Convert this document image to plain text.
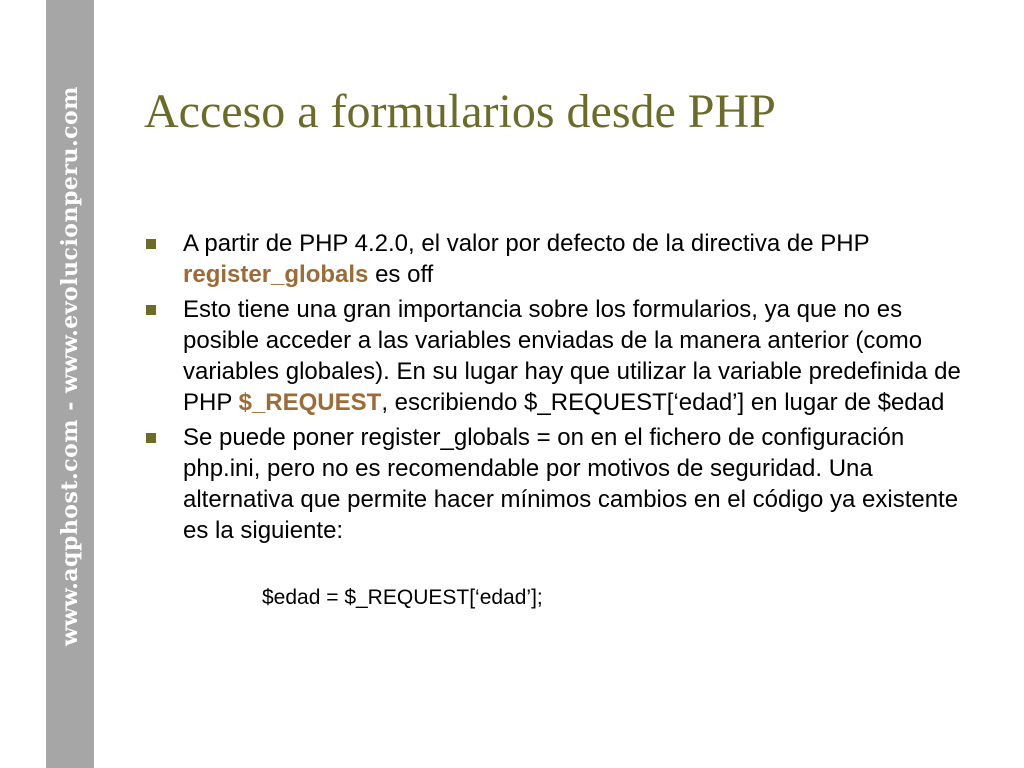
www.aqphost.com - www.evolucionperu.com Acceso a formularios desde PHP
A partir de PHP 4.2.0, el valor por defecto de la directiva de PHP register_globals es off
Esto tiene una gran importancia sobre los formularios, ya que no es posible acceder a las variables enviadas de la manera anterior (como variables globales). En su lugar hay que utilizar la variable predefinida de PHP $_REQUEST, escribiendo $_REQUEST[‘edad’] en lugar de $edad
Se puede poner register_globals = on en el fichero de configuración php.ini, pero no es recomendable por motivos de seguridad. Una alternativa que permite hacer mínimos cambios en el código ya existente es la siguiente:

$edad = $_REQUEST[‘edad’];
